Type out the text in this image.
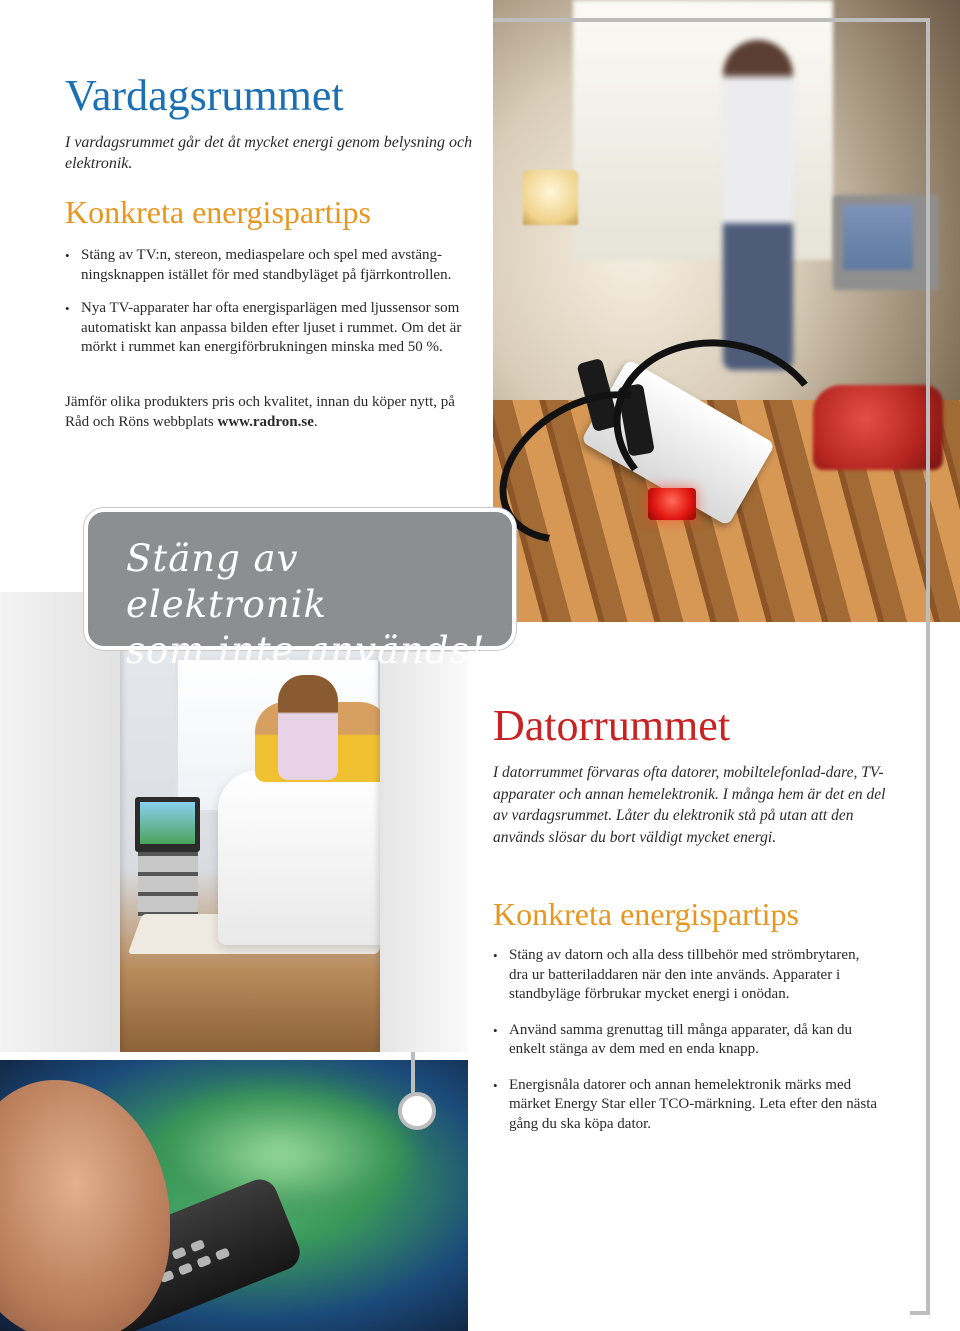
Vardagsrummet

I vardagsrummet går det åt mycket energi genom belysning och elektronik.

Konkreta energispartips
• Stäng av TV:n, stereon, mediaspelare och spel med avstäng-ningsknappen istället för med standbyläget på fjärrkontrollen.
• Nya TV-apparater har ofta energisparlägen med ljussensor som automatiskt kan anpassa bilden efter ljuset i rummet. Om det är mörkt i rummet kan energiförbrukningen minska med 50 %.

Jämför olika produkters pris och kvalitet, innan du köper nytt, på Råd och Röns webbplats www.radron.se.

Stäng av elektronik
som inte används!
Datorrummet

I datorrummet förvaras ofta datorer, mobiltelefonlad-dare, TV-apparater och annan hemelektronik. I många hem är det en del av vardagsrummet. Låter du elektronik stå på utan att den används slösar du bort väldigt mycket energi.

Konkreta energispartips
• Stäng av datorn och alla dess tillbehör med strömbrytaren, dra ur batteriladdaren när den inte används. Apparater i standbyläge förbrukar mycket energi i onödan.
• Använd samma grenuttag till många apparater, då kan du enkelt stänga av dem med en enda knapp.
• Energisnåla datorer och annan hemelektronik märks med märket Energy Star eller TCO-märkning. Leta efter den nästa gång du ska köpa dator.
